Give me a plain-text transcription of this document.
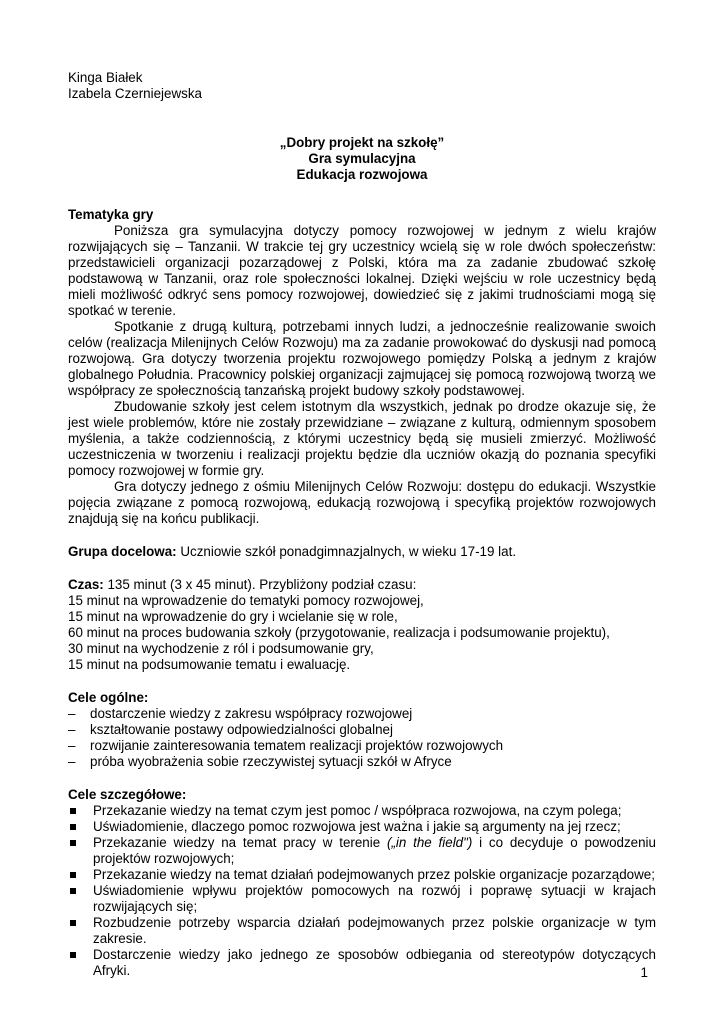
Kinga Białek
Izabela Czerniejewska
„Dobry projekt na szkołę”
Gra symulacyjna
Edukacja rozwojowa
Tematyka gry

Poniższa gra symulacyjna dotyczy pomocy rozwojowej w jednym z wielu krajów rozwijających się – Tanzanii. W trakcie tej gry uczestnicy wcielą się w role dwóch społeczeństw: przedstawicieli organizacji pozarządowej z Polski, która ma za zadanie zbudować szkołę podstawową w Tanzanii, oraz role społeczności lokalnej. Dzięki wejściu w role uczestnicy będą mieli możliwość odkryć sens pomocy rozwojowej, dowiedzieć się z jakimi trudnościami mogą się spotkać w terenie.

Spotkanie z drugą kulturą, potrzebami innych ludzi, a jednocześnie realizowanie swoich celów (realizacja Milenijnych Celów Rozwoju) ma za zadanie prowokować do dyskusji nad pomocą rozwojową. Gra dotyczy tworzenia projektu rozwojowego pomiędzy Polską a jednym z krajów globalnego Południa. Pracownicy polskiej organizacji zajmującej się pomocą rozwojową tworzą we współpracy ze społecznością tanzańską projekt budowy szkoły podstawowej.

Zbudowanie szkoły jest celem istotnym dla wszystkich, jednak po drodze okazuje się, że jest wiele problemów, które nie zostały przewidziane – związane z kulturą, odmiennym sposobem myślenia, a także codziennością, z którymi uczestnicy będą się musieli zmierzyć. Możliwość uczestniczenia w tworzeniu i realizacji projektu będzie dla uczniów okazją do poznania specyfiki pomocy rozwojowej w formie gry.

Gra dotyczy jednego z ośmiu Milenijnych Celów Rozwoju: dostępu do edukacji. Wszystkie pojęcia związane z pomocą rozwojową, edukacją rozwojową i specyfiką projektów rozwojowych znajdują się na końcu publikacji.

Grupa docelowa: Uczniowie szkół ponadgimnazjalnych, w wieku 17-19 lat.

Czas: 135 minut (3 x 45 minut). Przybliżony podział czasu:

15 minut na wprowadzenie do tematyki pomocy rozwojowej,
15 minut na wprowadzenie do gry i wcielanie się w role,
60 minut na proces budowania szkoły (przygotowanie, realizacja i podsumowanie projektu),
30 minut na wychodzenie z ról i podsumowanie gry,
15 minut na podsumowanie tematu i ewaluację.
Cele ogólne:
– dostarczenie wiedzy z zakresu współpracy rozwojowej
– kształtowanie postawy odpowiedzialności globalnej
– rozwijanie zainteresowania tematem realizacji projektów rozwojowych
– próba wyobrażenia sobie rzeczywistej sytuacji szkół w Afryce
Cele szczegółowe:
Przekazanie wiedzy na temat czym jest pomoc / współpraca rozwojowa, na czym polega;
Uświadomienie, dlaczego pomoc rozwojowa jest ważna i jakie są argumenty na jej rzecz;
Przekazanie wiedzy na temat pracy w terenie („in the field") i co decyduje o powodzeniu projektów rozwojowych;
Przekazanie wiedzy na temat działań podejmowanych przez polskie organizacje pozarządowe;
Uświadomienie wpływu projektów pomocowych na rozwój i poprawę sytuacji w krajach rozwijających się;
Rozbudzenie potrzeby wsparcia działań podejmowanych przez polskie organizacje w tym zakresie.
Dostarczenie wiedzy jako jednego ze sposobów odbiegania od stereotypów dotyczących Afryki.	1
